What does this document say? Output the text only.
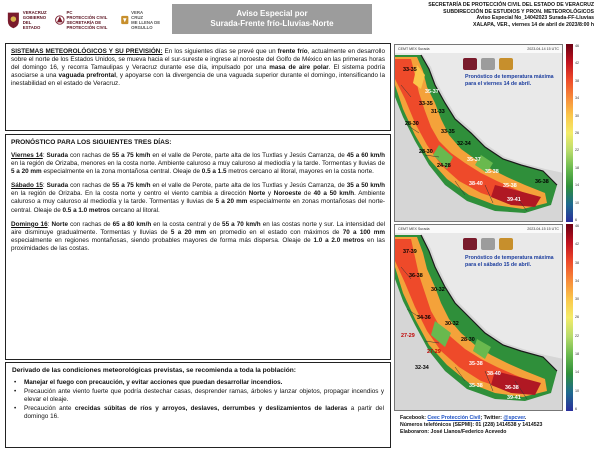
VERACRUZ
GOBIERNO
DEL ESTADO
PC
PROTECCIÓN CIVIL
SECRETARÍA DE PROTECCIÓN CIVIL
VERA
CRUZ
ME LLENA DE ORGULLO
Aviso Especial por
Surada-Frente frío-Lluvias-Norte
SECRETARÍA DE PROTECCIÓN CIVIL DEL ESTADO DE VERACRUZ
SUBDIRECCIÓN DE ESTUDIOS Y PRON. METEOROLÓGICOS
Aviso Especial No_14042023 Surada-FF-Lluvias
XALAPA, VER., viernes 14 de abril de 2023/8:00 h

SISTEMAS METEOROLÓGICOS Y SU PREVISIÓN: En los siguientes días se prevé que un frente frío, actualmente en desarrollo sobre el norte de los Estados Unidos, se mueva hacia el sur-sureste e ingrese al noroeste del Golfo de México en las primeras horas del domingo 16, y recorra Tamaulipas y Veracruz durante ese día, impulsado por una masa de aire polar. El sistema podría asociarse a una vaguada prefrontal, y apoyarse con la divergencia de una vaguada superior durante el domingo, intensificando la inestabilidad en el estado de Veracruz.

PRONÓSTICO PARA LOS SIGUIENTES TRES DÍAS:

Viernes 14: Surada con rachas de 55 a 75 km/h en el valle de Perote, parte alta de los Tuxtlas y Jesús Carranza, de 45 a 60 km/h en la región de Orizaba, menores en la costa norte. Ambiente caluroso a muy caluroso al mediodía y la tarde. Tormentas y lluvias de 5 a 20 mm especialmente en la zona montañosa central. Oleaje de 0.5 a 1.5 metros cercano al litoral, mayores en la costa norte.

Sábado 15: Surada con rachas de 55 a 75 km/h en el valle de Perote, parte alta de los Tuxtlas y Jesús Carranza, de 35 a 50 km/h en la región de Orizaba. En la costa norte y centro el viento cambia a dirección Norte y Noroeste de 40 a 50 km/h. Ambiente caluroso a muy caluroso al mediodía y la tarde. Tormentas y lluvias de 5 a 20 mm especialmente en zonas montañosas del norte-central. Oleaje de 0.5 a 1.0 metros cercano al litoral.

Domingo 16: Norte con rachas de 65 a 80 km/h en la costa central y de 55 a 70 km/h en las costas norte y sur. La intensidad del aire disminuye gradualmente. Tormentas y lluvias de 5 a 20 mm en promedio en el estado con máximos de 70 a 100 mm especialmente en regiones montañosas, siendo probables mayores de forma más dispersa. Oleaje de 1.0 a 2.0 metros en las proximidades de las costas.

Derivado de las condiciones meteorológicas previstas, se recomienda a toda la población:
• Manejar el fuego con precaución, y evitar acciones que puedan desarrollar incendios.
• Precaución ante viento fuerte que podría destechar casas, desprender ramas, árboles y lanzar objetos, propagar incendios y elevar el oleaje.
• Precaución ante crecidas súbitas de ríos y arroyos, deslaves, derrumbes y deslizamientos de laderas a partir del domingo 16.
CEMT MEX Surada	2023-04-14 15 UTC
Pronóstico de temperatura máxima para el viernes 14 de abril.
33-35
35-37
33-35
28-30
31-33
33-35
32-34
28-30
24-28
35-37
35-38
38-40	35-38
36-38
39-41
46
42
38
34
30
26
22
18
14
10
6
CEMT MEX Surada	2023-04-15 15 UTC
Pronóstico de temperatura máxima para el sábado 15 de abril.
37-39
36-38
30-32
34-36
27-29
30-32
28-30
27-29
32-34
35-38
38-40
35-38	36-38
39-41
46
42
38
34
30
26
22
18
14
10
6
Facebook: Ceec Protección Civil; Twitter: @spcver.
Números telefónicos (SEPMI): 01 (228) 1414538 y 1414523
Elaboraron: José Llanos/Federico Acevedo
